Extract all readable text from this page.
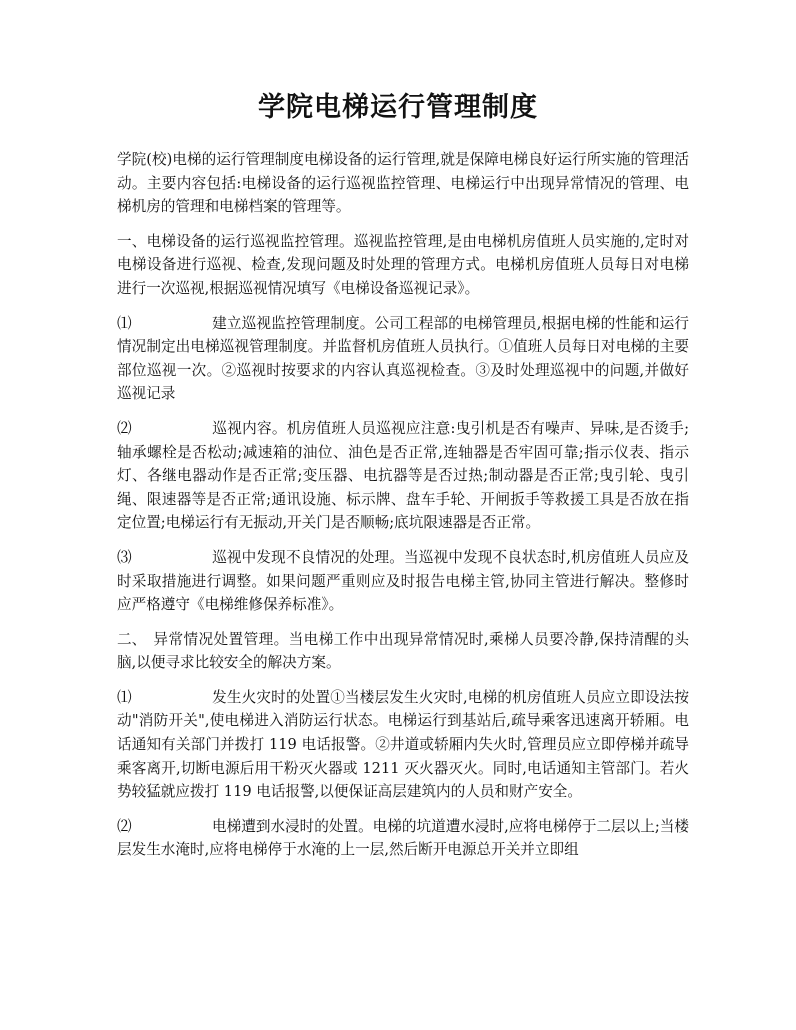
学院电梯运行管理制度

学院(校)电梯的运行管理制度电梯设备的运行管理,就是保障电梯良好运行所实施的管理活动。主要内容包括:电梯设备的运行巡视监控管理、电梯运行中出现异常情况的管理、电梯机房的管理和电梯档案的管理等。

一、电梯设备的运行巡视监控管理。巡视监控管理,是由电梯机房值班人员实施的,定时对电梯设备进行巡视、检查,发现问题及时处理的管理方式。电梯机房值班人员每日对电梯进行一次巡视,根据巡视情况填写《电梯设备巡视记录》。

⑴	建立巡视监控管理制度。公司工程部的电梯管理员,根据电梯的性能和运行情况制定出电梯巡视管理制度。并监督机房值班人员执行。①值班人员每日对电梯的主要部位巡视一次。②巡视时按要求的内容认真巡视检查。③及时处理巡视中的问题,并做好巡视记录

⑵	巡视内容。机房值班人员巡视应注意:曳引机是否有噪声、异味,是否烫手;轴承螺栓是否松动;减速箱的油位、油色是否正常,连轴器是否牢固可靠;指示仪表、指示灯、各继电器动作是否正常;变压器、电抗器等是否过热;制动器是否正常;曳引轮、曳引绳、限速器等是否正常;通讯设施、标示牌、盘车手轮、开闸扳手等救援工具是否放在指定位置;电梯运行有无振动,开关门是否顺畅;底坑限速器是否正常。

⑶	巡视中发现不良情况的处理。当巡视中发现不良状态时,机房值班人员应及时采取措施进行调整。如果问题严重则应及时报告电梯主管,协同主管进行解决。整修时应严格遵守《电梯维修保养标准》。

二、 异常情况处置管理。当电梯工作中出现异常情况时,乘梯人员要冷静,保持清醒的头脑,以便寻求比较安全的解决方案。

⑴	发生火灾时的处置①当楼层发生火灾时,电梯的机房值班人员应立即设法按动"消防开关",使电梯进入消防运行状态。电梯运行到基站后,疏导乘客迅速离开轿厢。电话通知有关部门并拨打 119 电话报警。②井道或轿厢内失火时,管理员应立即停梯并疏导乘客离开,切断电源后用干粉灭火器或 1211 灭火器灭火。同时,电话通知主管部门。若火势较猛就应拨打 119 电话报警,以便保证高层建筑内的人员和财产安全。

⑵	电梯遭到水浸时的处置。电梯的坑道遭水浸时,应将电梯停于二层以上;当楼层发生水淹时,应将电梯停于水淹的上一层,然后断开电源总开关并立即组
